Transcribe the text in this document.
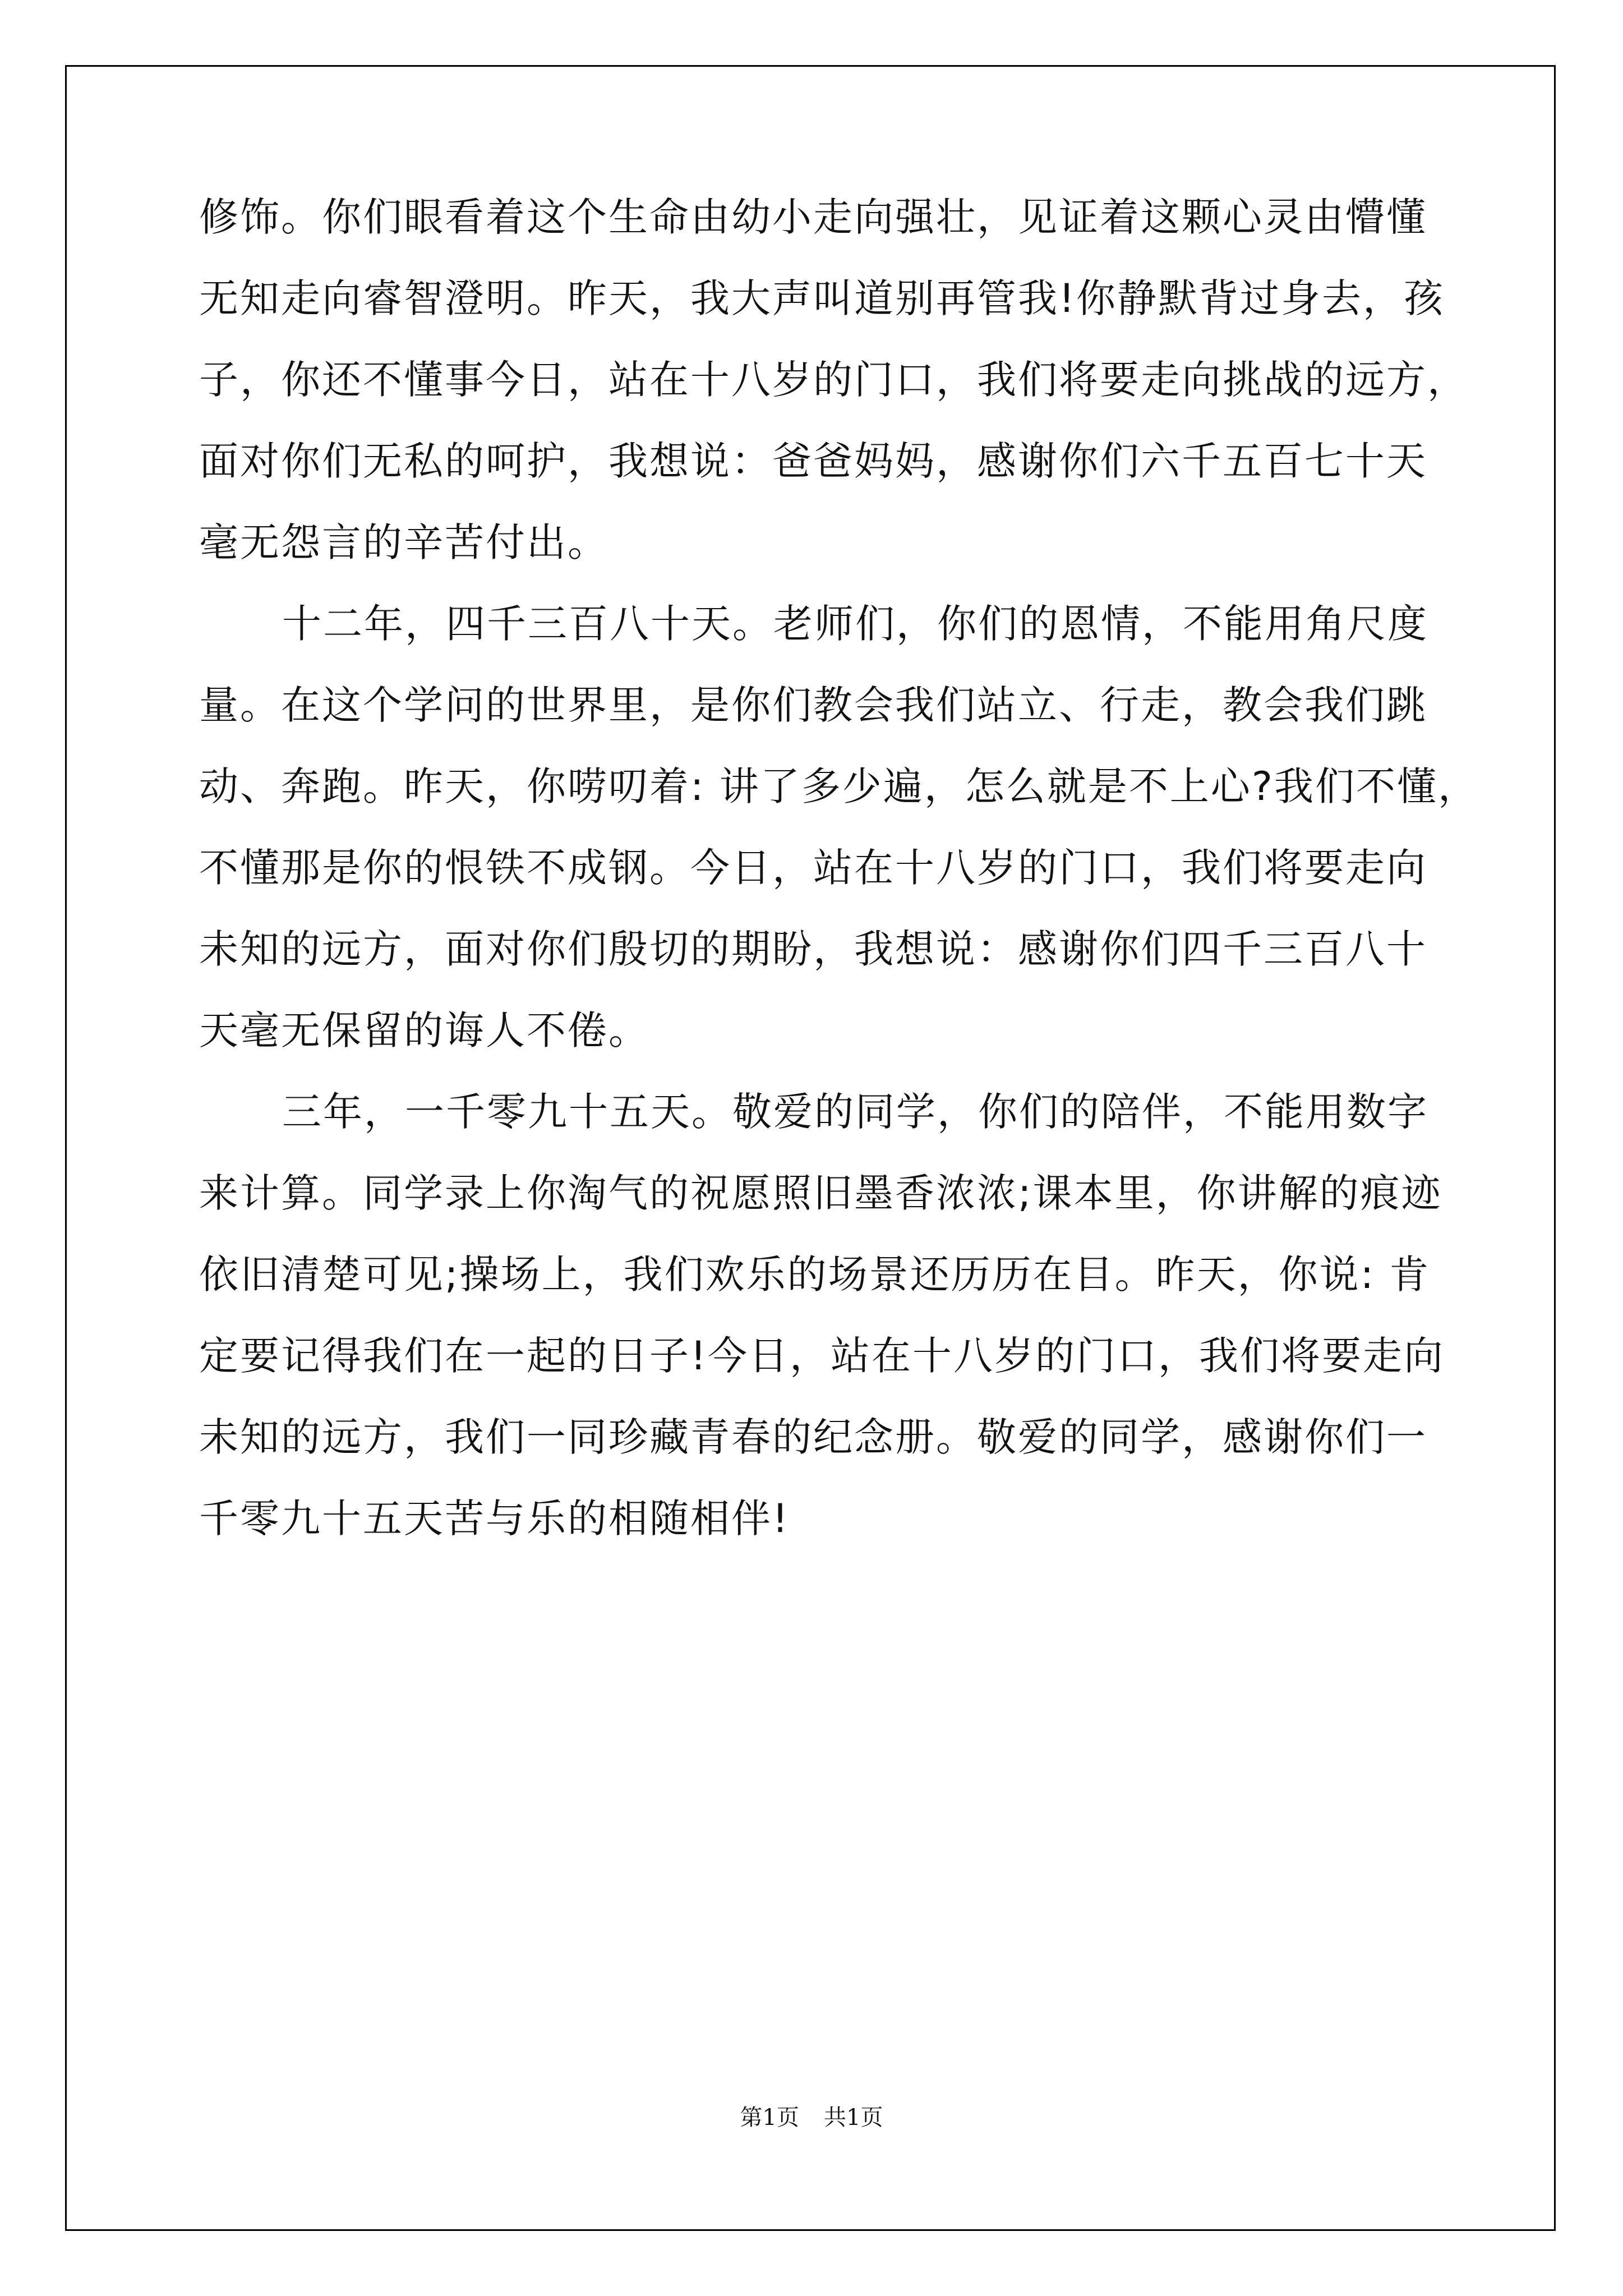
修饰。你们眼看着这个生命由幼小走向强壮，见证着这颗心灵由懵懂
无知走向睿智澄明。昨天，我大声叫道别再管我!你静默背过身去，孩
子，你还不懂事今日，站在十八岁的门口，我们将要走向挑战的远方，
面对你们无私的呵护，我想说：爸爸妈妈，感谢你们六千五百七十天
毫无怨言的辛苦付出。
十二年，四千三百八十天。老师们，你们的恩情，不能用角尺度
量。在这个学问的世界里，是你们教会我们站立、行走，教会我们跳
动、奔跑。昨天，你唠叨着: 讲了多少遍，怎么就是不上心?我们不懂，
不懂那是你的恨铁不成钢。今日，站在十八岁的门口，我们将要走向
未知的远方，面对你们殷切的期盼，我想说：感谢你们四千三百八十
天毫无保留的诲人不倦。
三年，一千零九十五天。敬爱的同学，你们的陪伴，不能用数字
来计算。同学录上你淘气的祝愿照旧墨香浓浓;课本里，你讲解的痕迹
依旧清楚可见;操场上，我们欢乐的场景还历历在目。昨天，你说: 肯
定要记得我们在一起的日子!今日，站在十八岁的门口，我们将要走向
未知的远方，我们一同珍藏青春的纪念册。敬爱的同学，感谢你们一
千零九十五天苦与乐的相随相伴!
第1页 共1页
